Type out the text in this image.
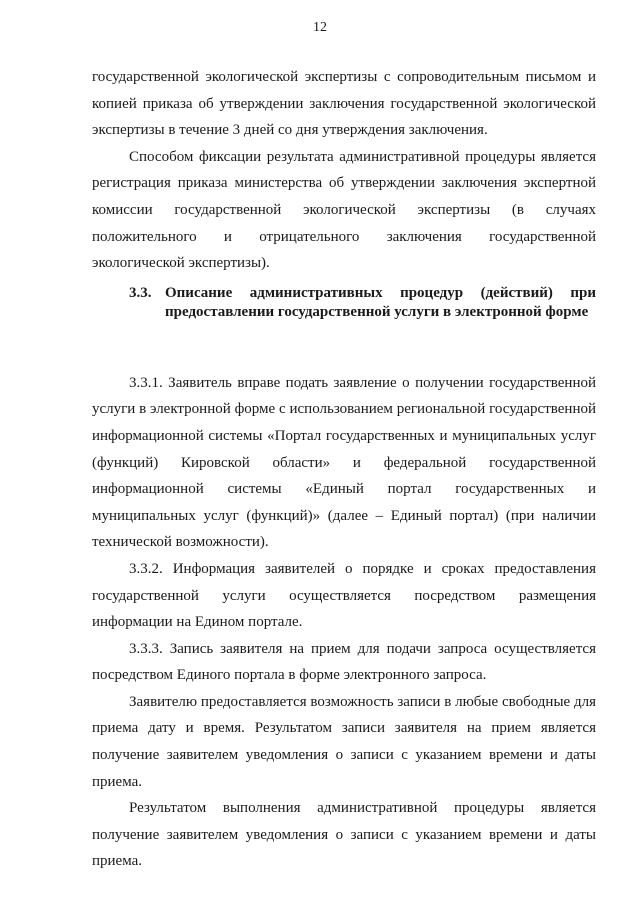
12

государственной экологической экспертизы с сопроводительным письмом и копией приказа об утверждении заключения государственной экологической экспертизы в течение 3 дней со дня утверждения заключения.

Способом фиксации результата административной процедуры является регистрация приказа министерства об утверждении заключения экспертной комиссии государственной экологической экспертизы (в случаях положительного и отрицательного заключения государственной экологической экспертизы).

3.3. Описание административных процедур (действий) при предоставлении государственной услуги в электронной форме

3.3.1. Заявитель вправе подать заявление о получении государственной услуги в электронной форме с использованием региональной государственной информационной системы «Портал государственных и муниципальных услуг (функций) Кировской области» и федеральной государственной информационной системы «Единый портал государственных и муниципальных услуг (функций)» (далее – Единый портал) (при наличии технической возможности).

3.3.2. Информация заявителей о порядке и сроках предоставления государственной услуги осуществляется посредством размещения информации на Едином портале.

3.3.3. Запись заявителя на прием для подачи запроса осуществляется посредством Единого портала в форме электронного запроса.

Заявителю предоставляется возможность записи в любые свободные для приема дату и время. Результатом записи заявителя на прием является получение заявителем уведомления о записи с указанием времени и даты приема.

Результатом выполнения административной процедуры является получение заявителем уведомления о записи с указанием времени и даты приема.
